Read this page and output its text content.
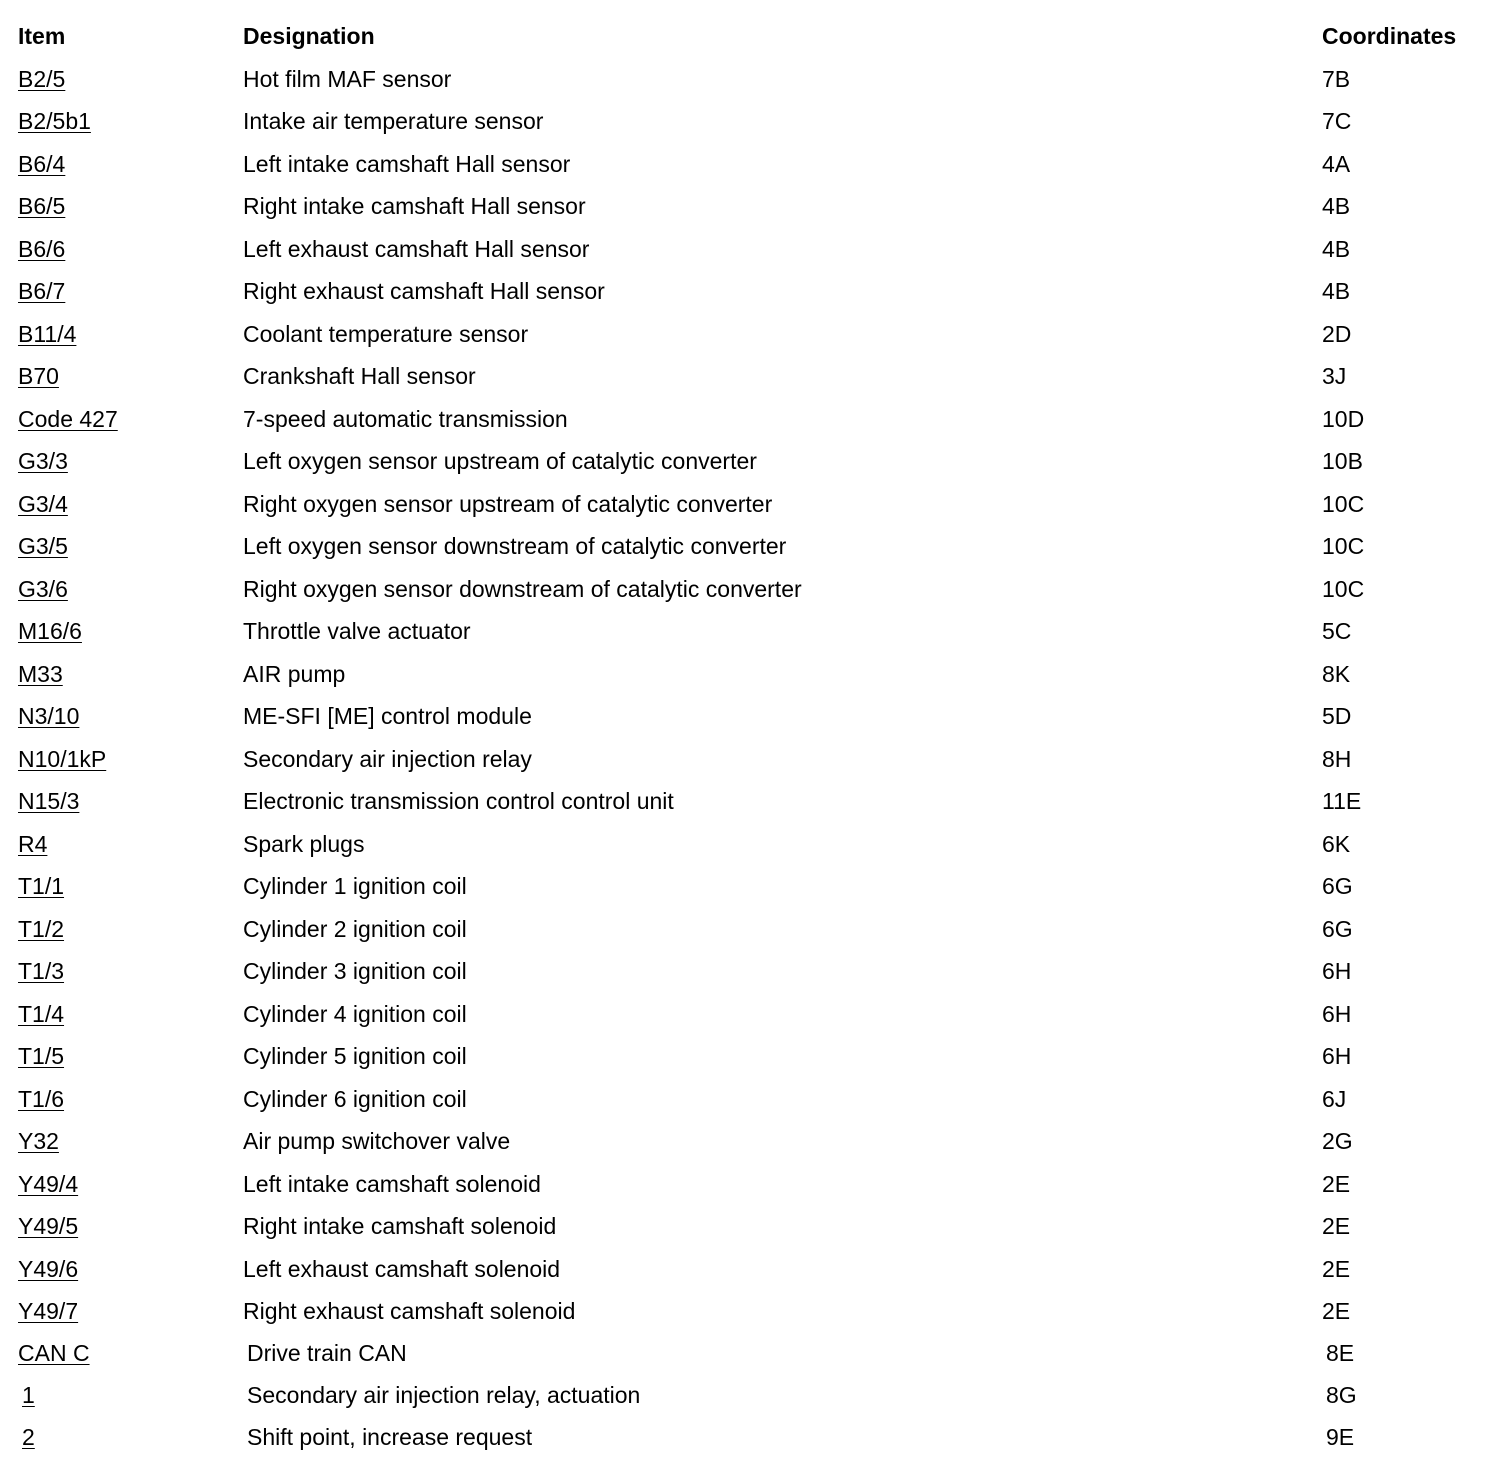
Item	Designation	Coordinates
B2/5	Hot film MAF sensor	7B
B2/5b1	Intake air temperature sensor	7C
B6/4	Left intake camshaft Hall sensor	4A
B6/5	Right intake camshaft Hall sensor	4B
B6/6	Left exhaust camshaft Hall sensor	4B
B6/7	Right exhaust camshaft Hall sensor	4B
B11/4	Coolant temperature sensor	2D
B70	Crankshaft Hall sensor	3J
Code 427	7-speed automatic transmission	10D
G3/3	Left oxygen sensor upstream of catalytic converter	10B
G3/4	Right oxygen sensor upstream of catalytic converter	10C
G3/5	Left oxygen sensor downstream of catalytic converter	10C
G3/6	Right oxygen sensor downstream of catalytic converter	10C
M16/6	Throttle valve actuator	5C
M33	AIR pump	8K
N3/10	ME-SFI [ME] control module	5D
N10/1kP	Secondary air injection relay	8H
N15/3	Electronic transmission control control unit	11E
R4	Spark plugs	6K
T1/1	Cylinder 1 ignition coil	6G
T1/2	Cylinder 2 ignition coil	6G
T1/3	Cylinder 3 ignition coil	6H
T1/4	Cylinder 4 ignition coil	6H
T1/5	Cylinder 5 ignition coil	6H
T1/6	Cylinder 6 ignition coil	6J
Y32	Air pump switchover valve	2G
Y49/4	Left intake camshaft solenoid	2E
Y49/5	Right intake camshaft solenoid	2E
Y49/6	Left exhaust camshaft solenoid	2E
Y49/7	Right exhaust camshaft solenoid	2E
CAN C	Drive train CAN	8E
1	Secondary air injection relay, actuation	8G
2	Shift point, increase request	9E
